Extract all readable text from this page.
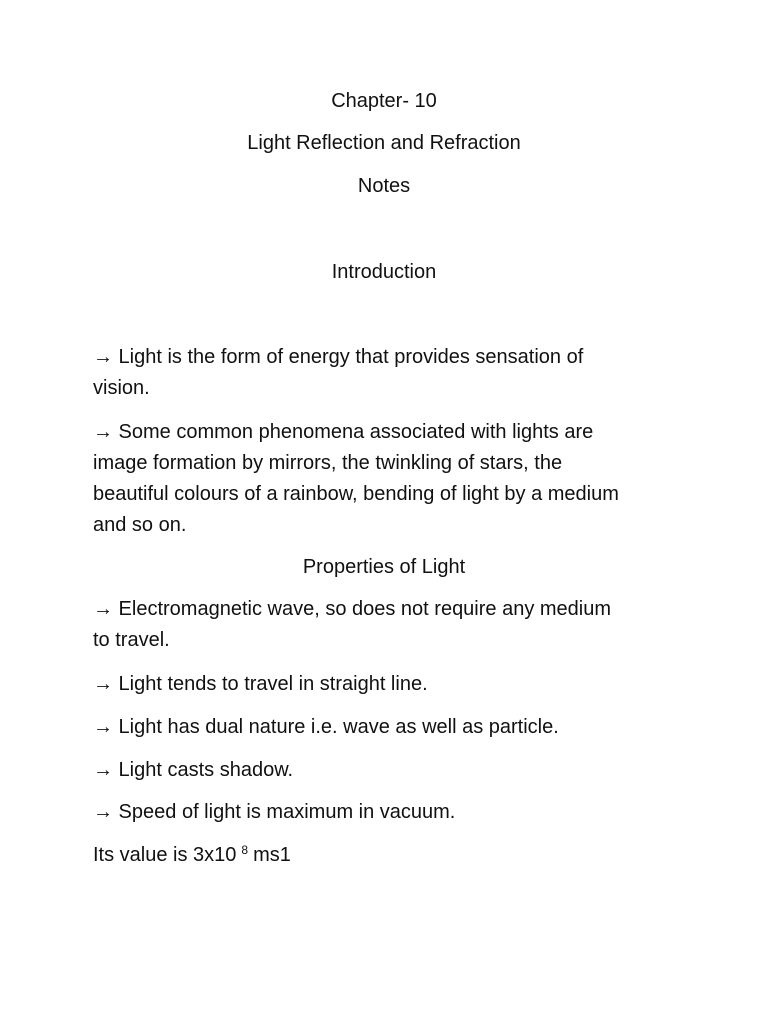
Chapter- 10
Light Reflection and Refraction
Notes
Introduction
→ Light is the form of energy that provides sensation of
vision.
→ Some common phenomena associated with lights are
image formation by mirrors, the twinkling of stars, the
beautiful colours of a rainbow, bending of light by a medium
and so on.
Properties of Light
→ Electromagnetic wave, so does not require any medium
to travel.
→ Light tends to travel in straight line.
→ Light has dual nature i.e. wave as well as particle.
→ Light casts shadow.
→ Speed of light is maximum in vacuum.
Its value is 3x10 $^8$ ms1
